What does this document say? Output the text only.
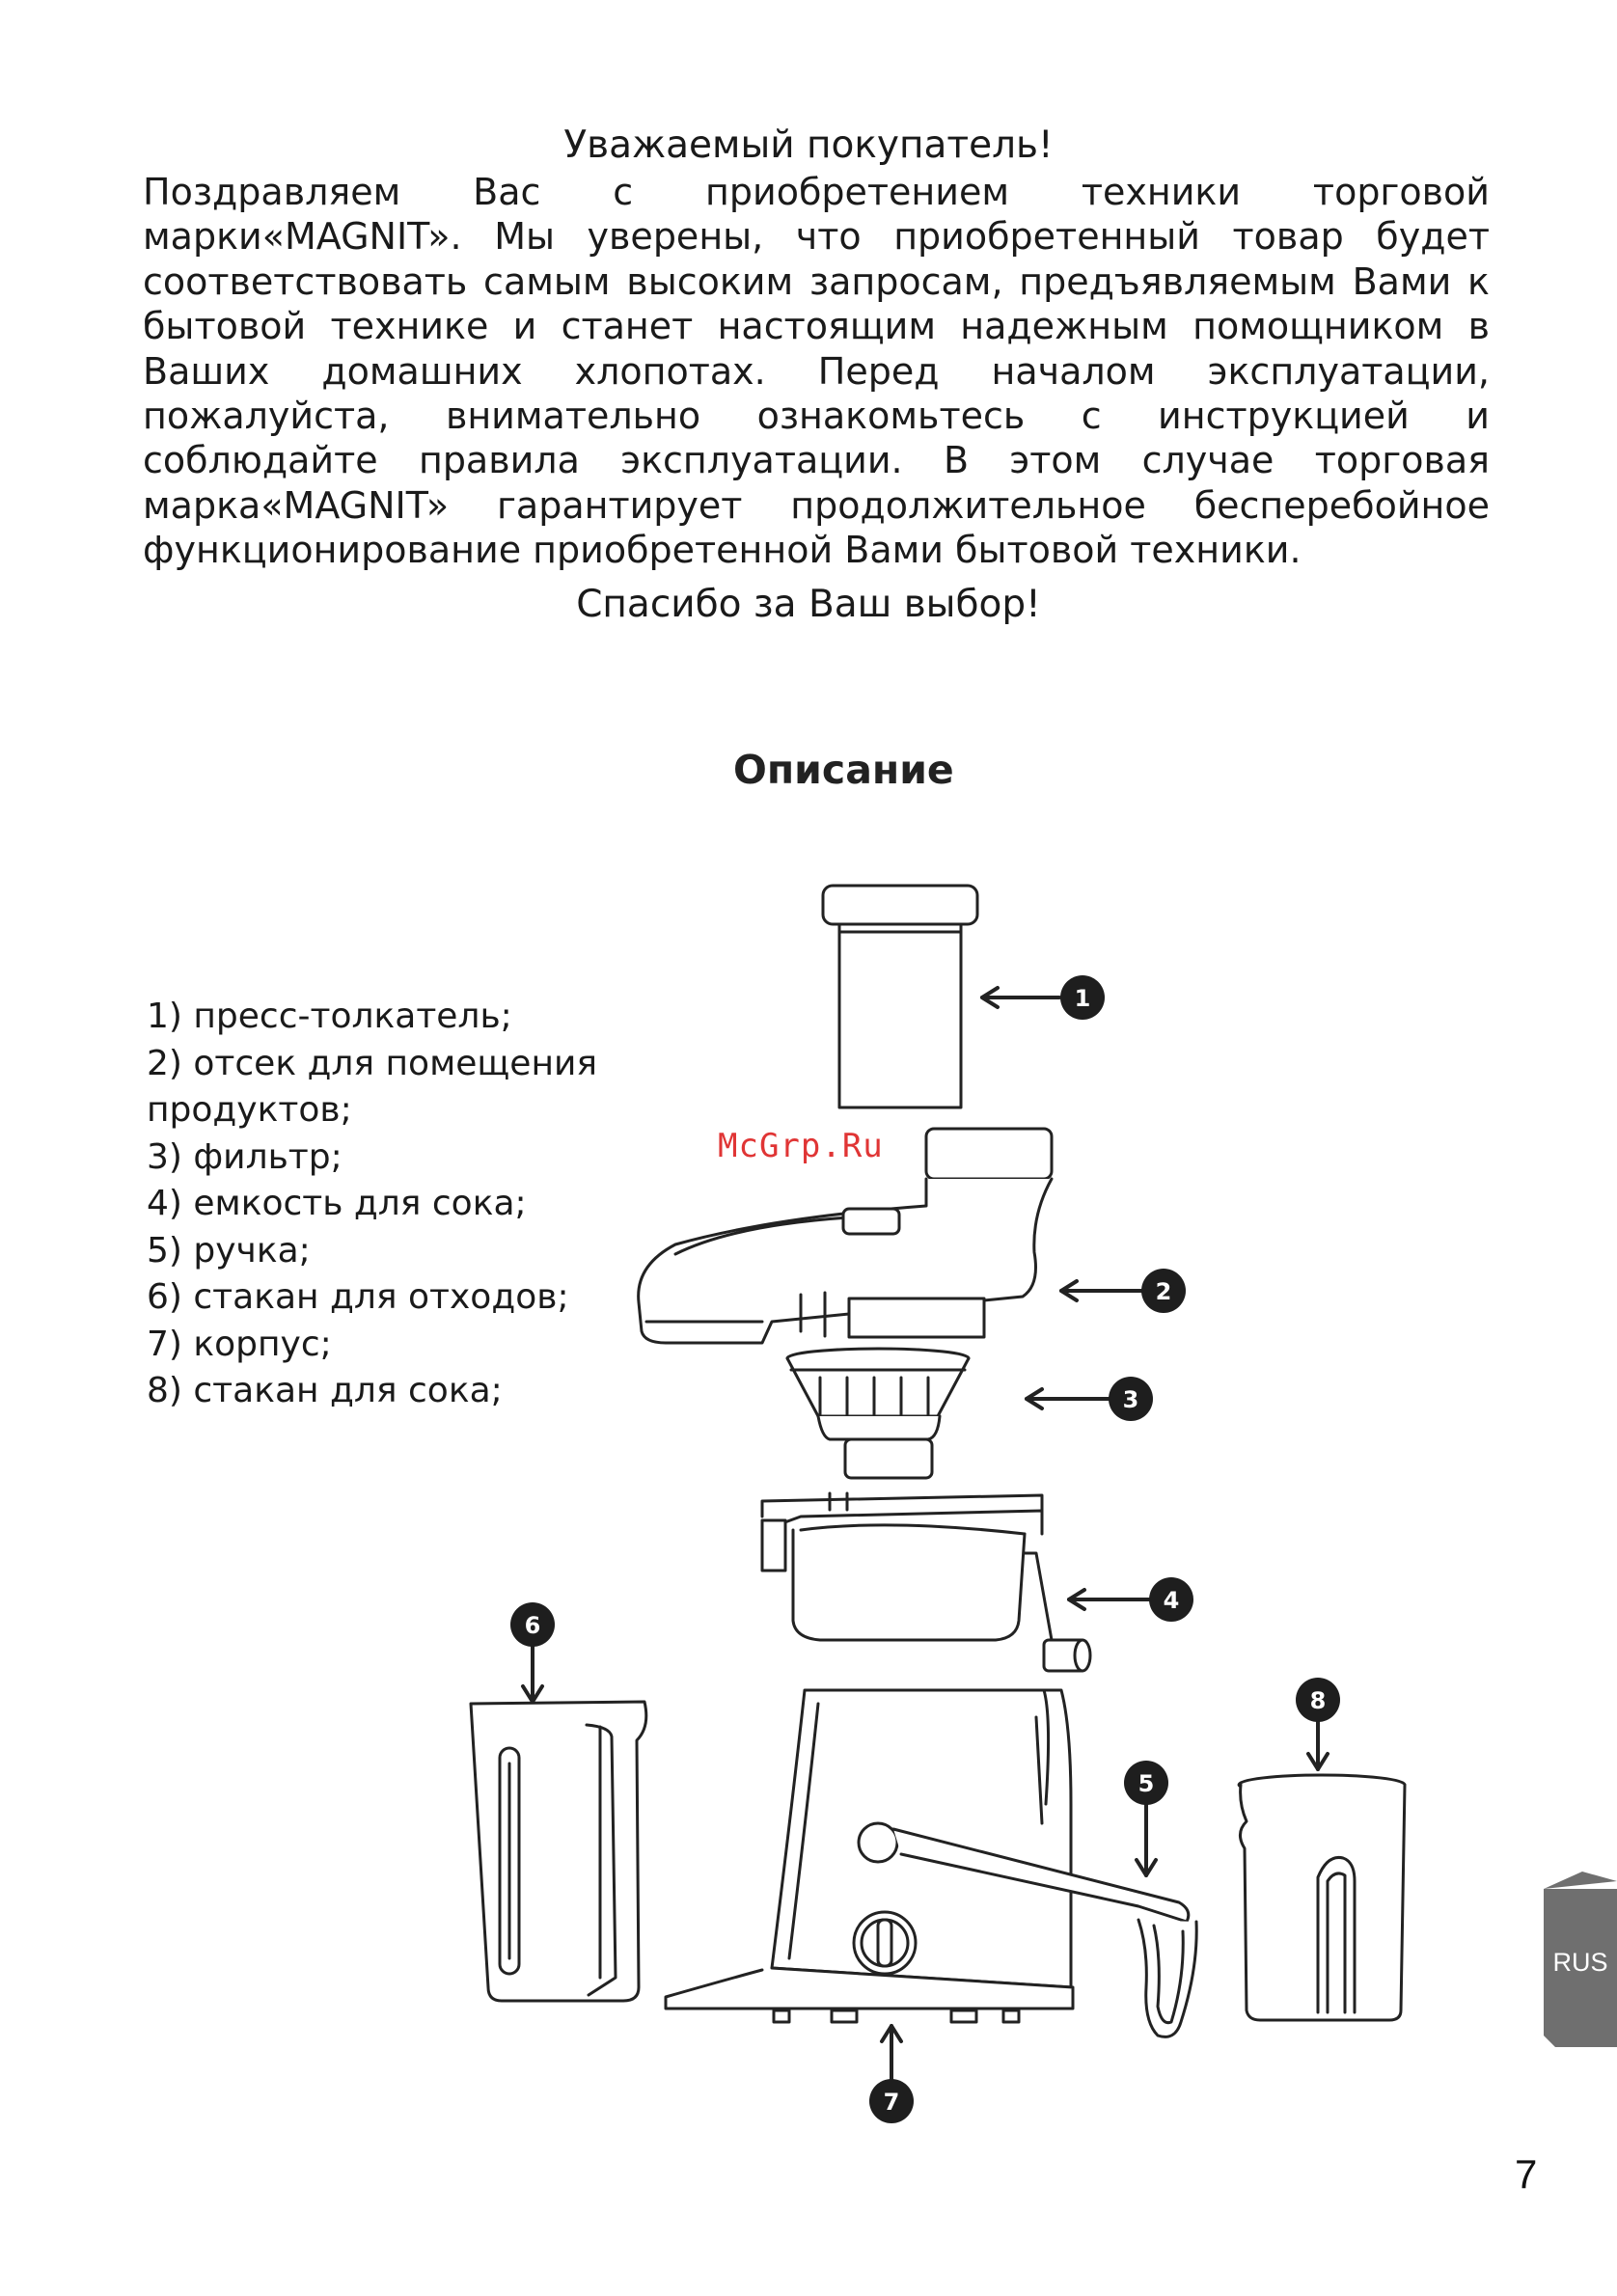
Уважаемый покупатель!

Поздравляем Вас с приобретением техники торговой марки«MAGNIT». Мы уверены, что приобретенный товар будет соответствовать самым высоким запросам, предъявляемым Вами к бытовой технике и станет настоящим надежным помощником в Ваших домашних хлопотах. Перед началом эксплуатации, пожалуйста, внимательно ознакомьтесь с инструкцией и соблюдайте правила эксплуатации. В этом случае торговая марка«MAGNIT» гарантирует продолжительное бесперебойное функционирование приобретенной Вами бытовой техники.

Спасибо за Ваш выбор!
Описание
1) пресс-толкатель;
2) отсек для помещения продуктов;
3) фильтр;
4) емкость для сока;
5) ручка;
6) стакан для отходов;
7) корпус;
8) стакан для сока;
1
2
3
4
5
6
7
8
McGrp.Ru
RUS
7
